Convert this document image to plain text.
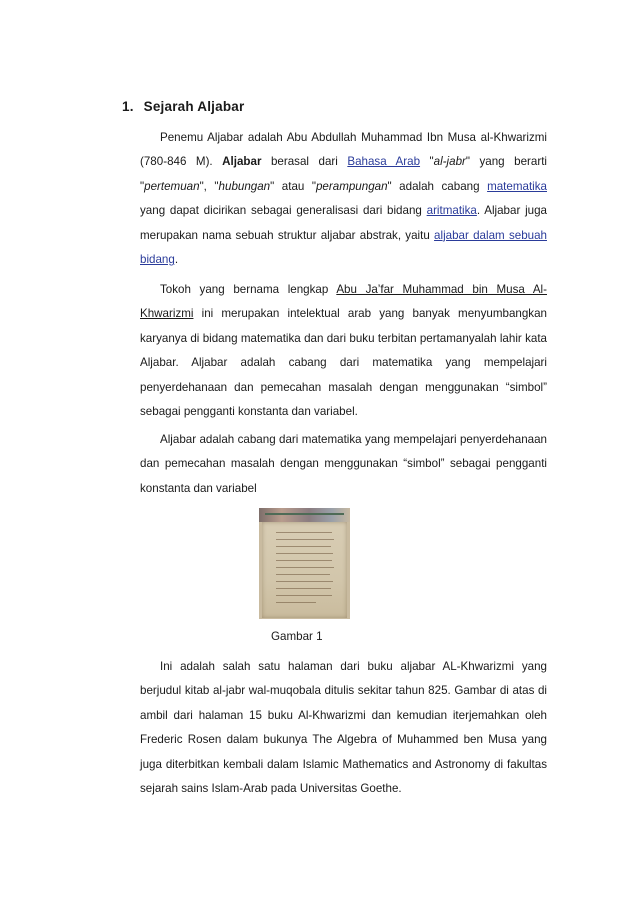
1. Sejarah Aljabar
Penemu Aljabar adalah Abu Abdullah Muhammad Ibn Musa al-Khwarizmi (780-846 M). Aljabar berasal dari Bahasa Arab "al-jabr" yang berarti "pertemuan", "hubungan" atau "perampungan" adalah cabang matematika yang dapat dicirikan sebagai generalisasi dari bidang aritmatika. Aljabar juga merupakan nama sebuah struktur aljabar abstrak, yaitu aljabar dalam sebuah bidang.
Tokoh yang bernama lengkap Abu Ja’far Muhammad bin Musa Al-Khwarizmi ini merupakan intelektual arab yang banyak menyumbangkan karyanya di bidang matematika dan dari buku terbitan pertamanyalah lahir kata Aljabar. Aljabar adalah cabang dari matematika yang mempelajari penyerdehanaan dan pemecahan masalah dengan menggunakan “simbol” sebagai pengganti konstanta dan variabel.
Aljabar adalah cabang dari matematika yang mempelajari penyerdehanaan dan pemecahan masalah dengan menggunakan “simbol” sebagai pengganti konstanta dan variabel
Gambar 1
Ini adalah salah satu halaman dari buku aljabar AL-Khwarizmi yang berjudul kitab al-jabr wal-muqobala ditulis sekitar tahun 825. Gambar di atas di ambil dari halaman 15 buku Al-Khwarizmi dan kemudian iterjemahkan oleh Frederic Rosen dalam bukunya The Algebra of Muhammed ben Musa yang juga diterbitkan kembali dalam Islamic Mathematics and Astronomy di fakultas sejarah sains Islam-Arab pada Universitas Goethe.
